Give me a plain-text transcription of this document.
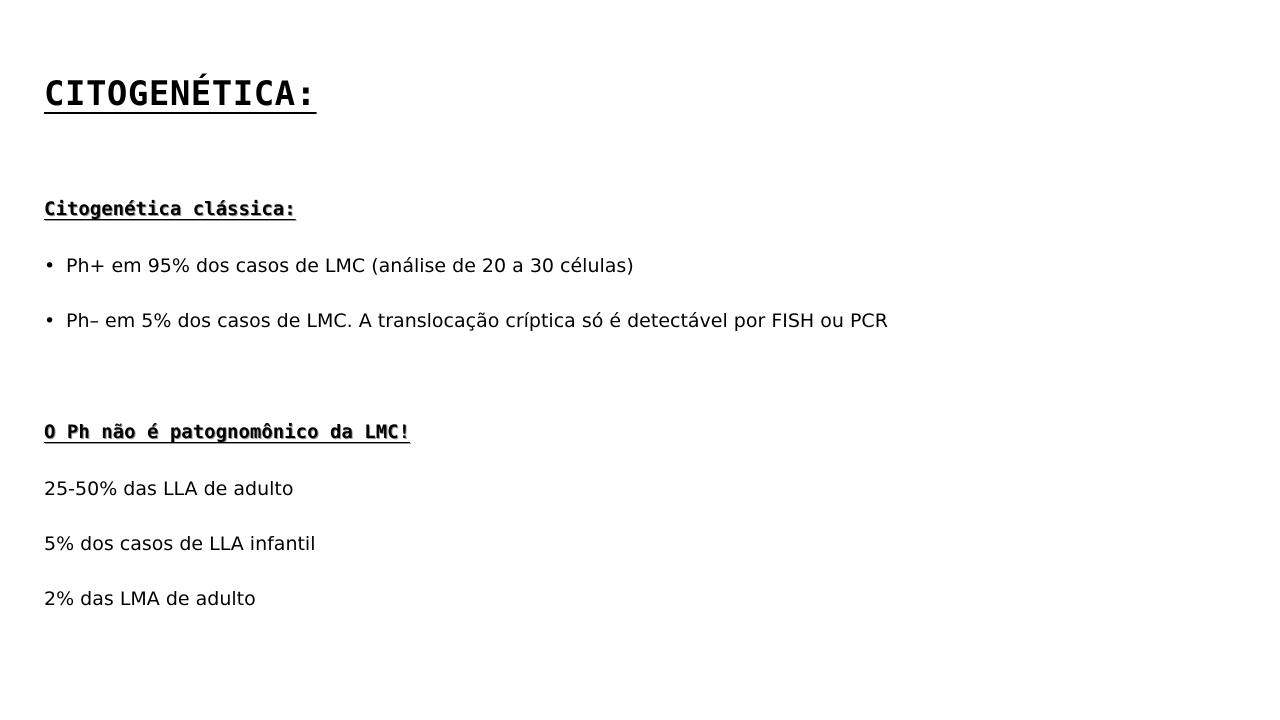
CITOGENÉTICA:
Citogenética clássica:

• Ph+ em 95% dos casos de LMC (análise de 20 a 30 células)

• Ph– em 5% dos casos de LMC. A translocação críptica só é detectável por FISH ou PCR

O Ph não é patognomônico da LMC!

25-50% das LLA de adulto

5% dos casos de LLA infantil

2% das LMA de adulto
